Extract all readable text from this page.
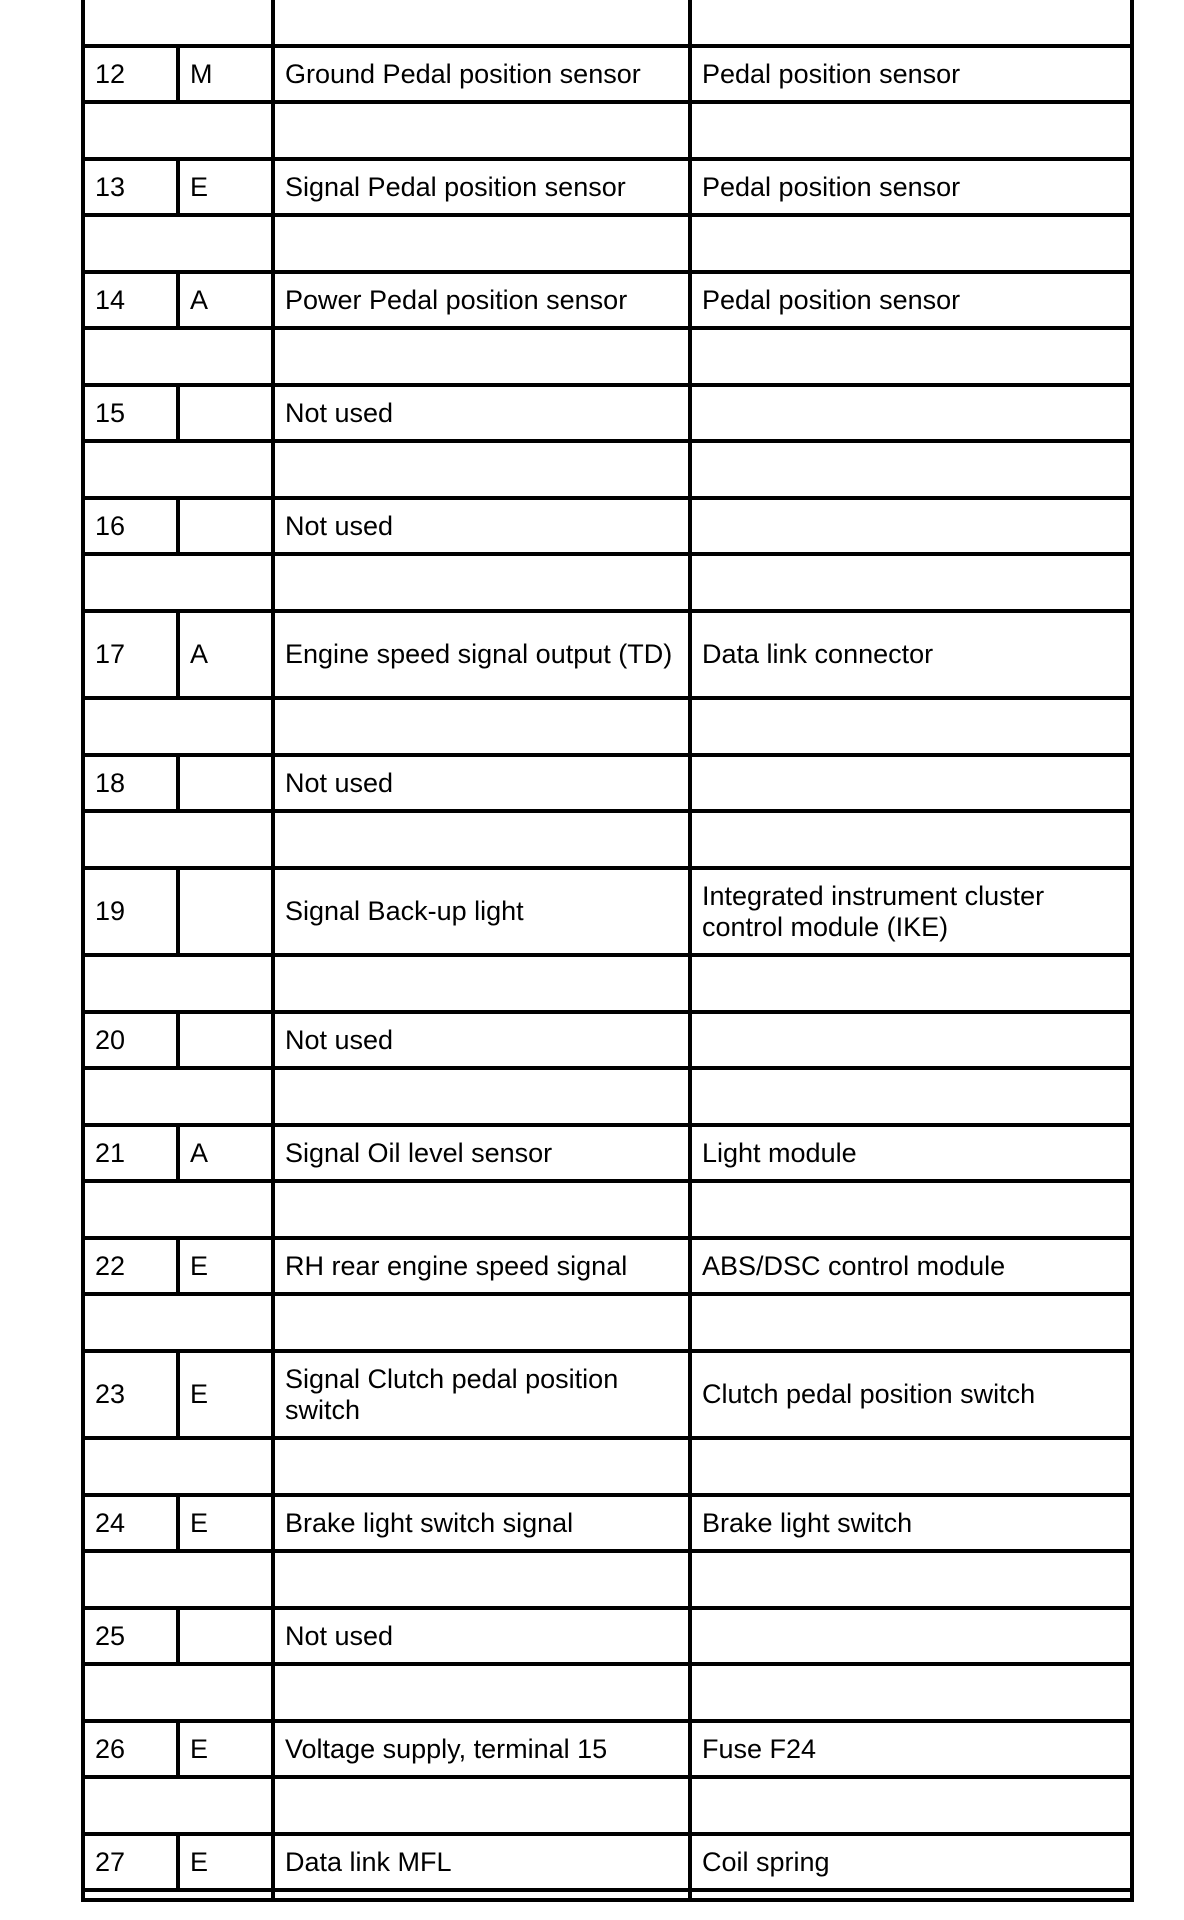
12	M	Ground Pedal position sensor	Pedal position sensor

13	E	Signal Pedal position sensor	Pedal position sensor

14	A	Power Pedal position sensor	Pedal position sensor

15		Not used	

16		Not used	

17	A	Engine speed signal output (TD)	Data link connector

18		Not used	

19		Signal Back-up light	Integrated instrument cluster control module (IKE)

20		Not used	

21	A	Signal Oil level sensor	Light module

22	E	RH rear engine speed signal	ABS/DSC control module

23	E	Signal Clutch pedal position switch	Clutch pedal position switch

24	E	Brake light switch signal	Brake light switch

25		Not used	

26	E	Voltage supply, terminal 15	Fuse F24

27	E	Data link MFL	Coil spring
